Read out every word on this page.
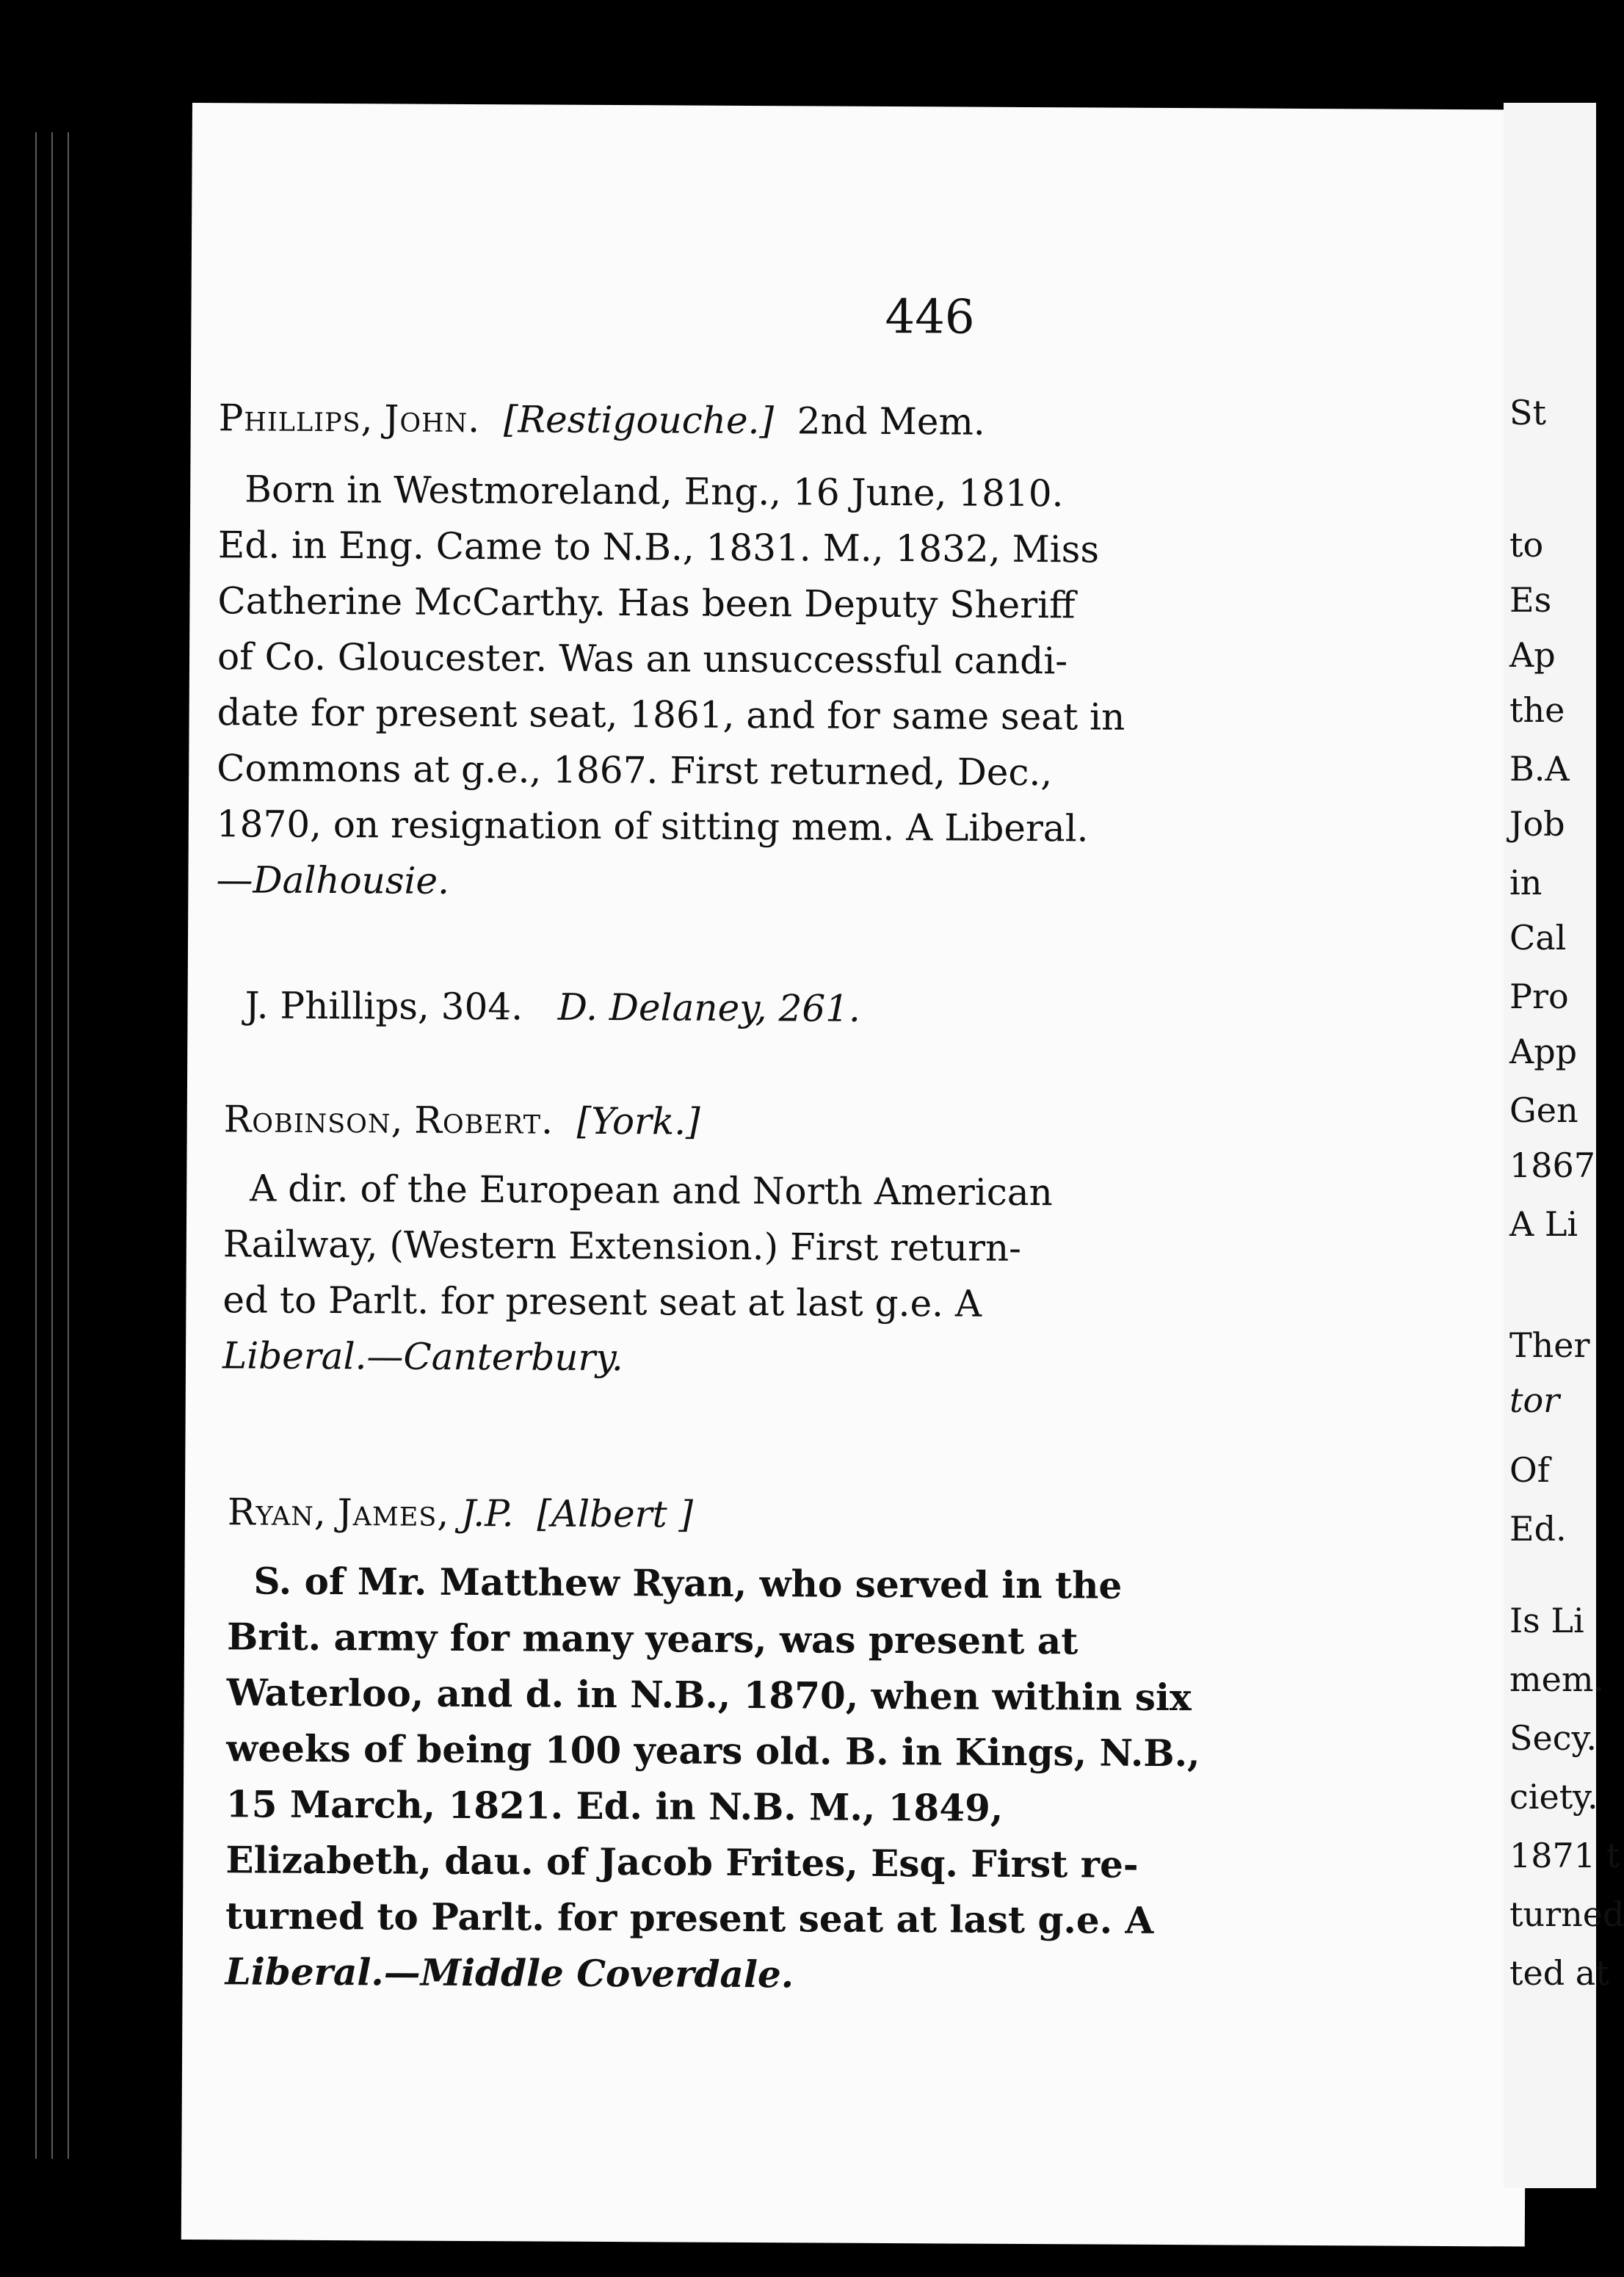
446
Phillips, John. [Restigouche.] 2nd Mem.
Born in Westmoreland, Eng., 16 June, 1810.
Ed. in Eng. Came to N.B., 1831. M., 1832, Miss
Catherine McCarthy. Has been Deputy Sheriff
of Co. Gloucester. Was an unsuccessful candi-
date for present seat, 1861, and for same seat in
Commons at g.e., 1867. First returned, Dec.,
1870, on resignation of sitting mem. A Liberal.
—Dalhousie.
J. Phillips, 304. D. Delaney, 261.
Robinson, Robert. [York.]
A dir. of the European and North American
Railway, (Western Extension.) First return-
ed to Parlt. for present seat at last g.e. A
Liberal.—Canterbury.
Ryan, James, J.P. [Albert ]
S. of Mr. Matthew Ryan, who served in the
Brit. army for many years, was present at
Waterloo, and d. in N.B., 1870, when within six
weeks of being 100 years old. B. in Kings, N.B.,
15 March, 1821. Ed. in N.B. M., 1849,
Elizabeth, dau. of Jacob Frites, Esq. First re-
turned to Parlt. for present seat at last g.e. A
Liberal.—Middle Coverdale.
St
to
Es
Ap
the
B.A
Job
in
Cal
Pro
App
Gen
1867
A Li
Ther
tor
Of
Ed.
Is Li
mem.
Secy.
ciety.
1871 t
turned
ted at
